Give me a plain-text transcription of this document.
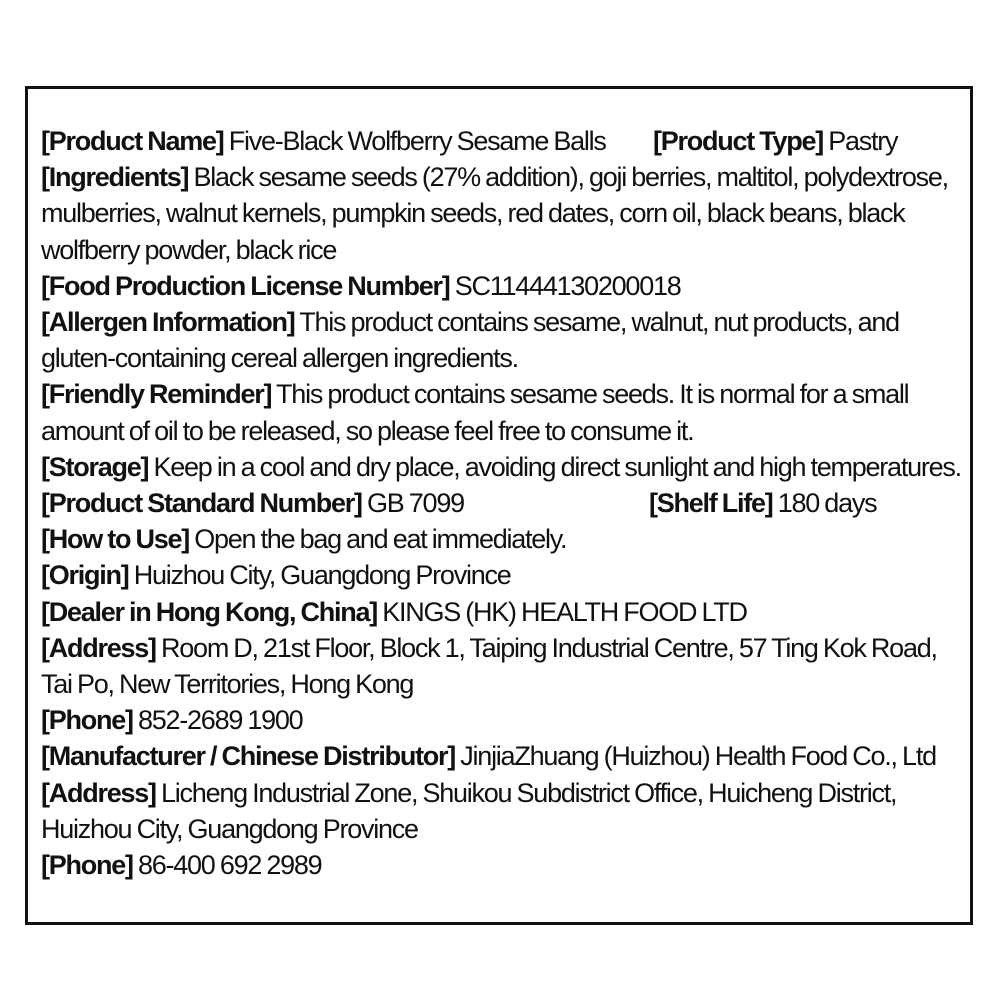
[Product Name] Five-Black Wolfberry Sesame Balls [Product Type] Pastry
[Ingredients] Black sesame seeds (27% addition), goji berries, maltitol, polydextrose, mulberries, walnut kernels, pumpkin seeds, red dates, corn oil, black beans, black wolfberry powder, black rice
[Food Production License Number] SC11444130200018
[Allergen Information] This product contains sesame, walnut, nut products, and gluten-containing cereal allergen ingredients.
[Friendly Reminder] This product contains sesame seeds. It is normal for a small amount of oil to be released, so please feel free to consume it.
[Storage] Keep in a cool and dry place, avoiding direct sunlight and high temperatures.
[Product Standard Number] GB 7099	[Shelf Life] 180 days
[How to Use] Open the bag and eat immediately.
[Origin] Huizhou City, Guangdong Province
[Dealer in Hong Kong, China] KINGS (HK) HEALTH FOOD LTD
[Address] Room D, 21st Floor, Block 1, Taiping Industrial Centre, 57 Ting Kok Road, Tai Po, New Territories, Hong Kong
[Phone] 852-2689 1900
[Manufacturer / Chinese Distributor] JinjiaZhuang (Huizhou) Health Food Co., Ltd
[Address] Licheng Industrial Zone, Shuikou Subdistrict Office, Huicheng District, Huizhou City, Guangdong Province
[Phone] 86-400 692 2989
